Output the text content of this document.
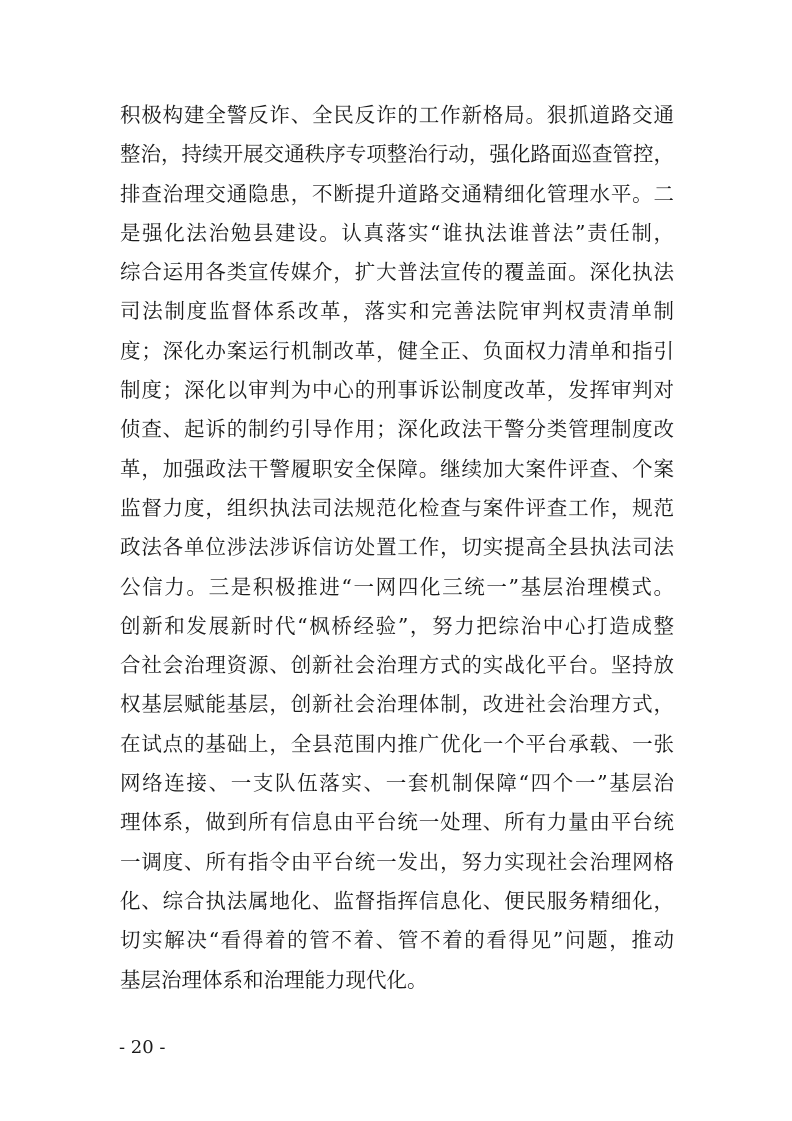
积极构建全警反诈、全民反诈的工作新格局。狠抓道路交通
整治，持续开展交通秩序专项整治行动，强化路面巡查管控，
排查治理交通隐患，不断提升道路交通精细化管理水平。二
是强化法治勉县建设。认真落实“谁执法谁普法”责任制，
综合运用各类宣传媒介，扩大普法宣传的覆盖面。深化执法
司法制度监督体系改革，落实和完善法院审判权责清单制
度；深化办案运行机制改革，健全正、负面权力清单和指引
制度；深化以审判为中心的刑事诉讼制度改革，发挥审判对
侦查、起诉的制约引导作用；深化政法干警分类管理制度改
革，加强政法干警履职安全保障。继续加大案件评查、个案
监督力度，组织执法司法规范化检查与案件评查工作，规范
政法各单位涉法涉诉信访处置工作，切实提高全县执法司法
公信力。三是积极推进“一网四化三统一”基层治理模式。
创新和发展新时代“枫桥经验”，努力把综治中心打造成整
合社会治理资源、创新社会治理方式的实战化平台。坚持放
权基层赋能基层，创新社会治理体制，改进社会治理方式，
在试点的基础上，全县范围内推广优化一个平台承载、一张
网络连接、一支队伍落实、一套机制保障“四个一”基层治
理体系，做到所有信息由平台统一处理、所有力量由平台统
一调度、所有指令由平台统一发出，努力实现社会治理网格
化、综合执法属地化、监督指挥信息化、便民服务精细化，
切实解决“看得着的管不着、管不着的看得见”问题，推动
基层治理体系和治理能力现代化。
- 20 -
